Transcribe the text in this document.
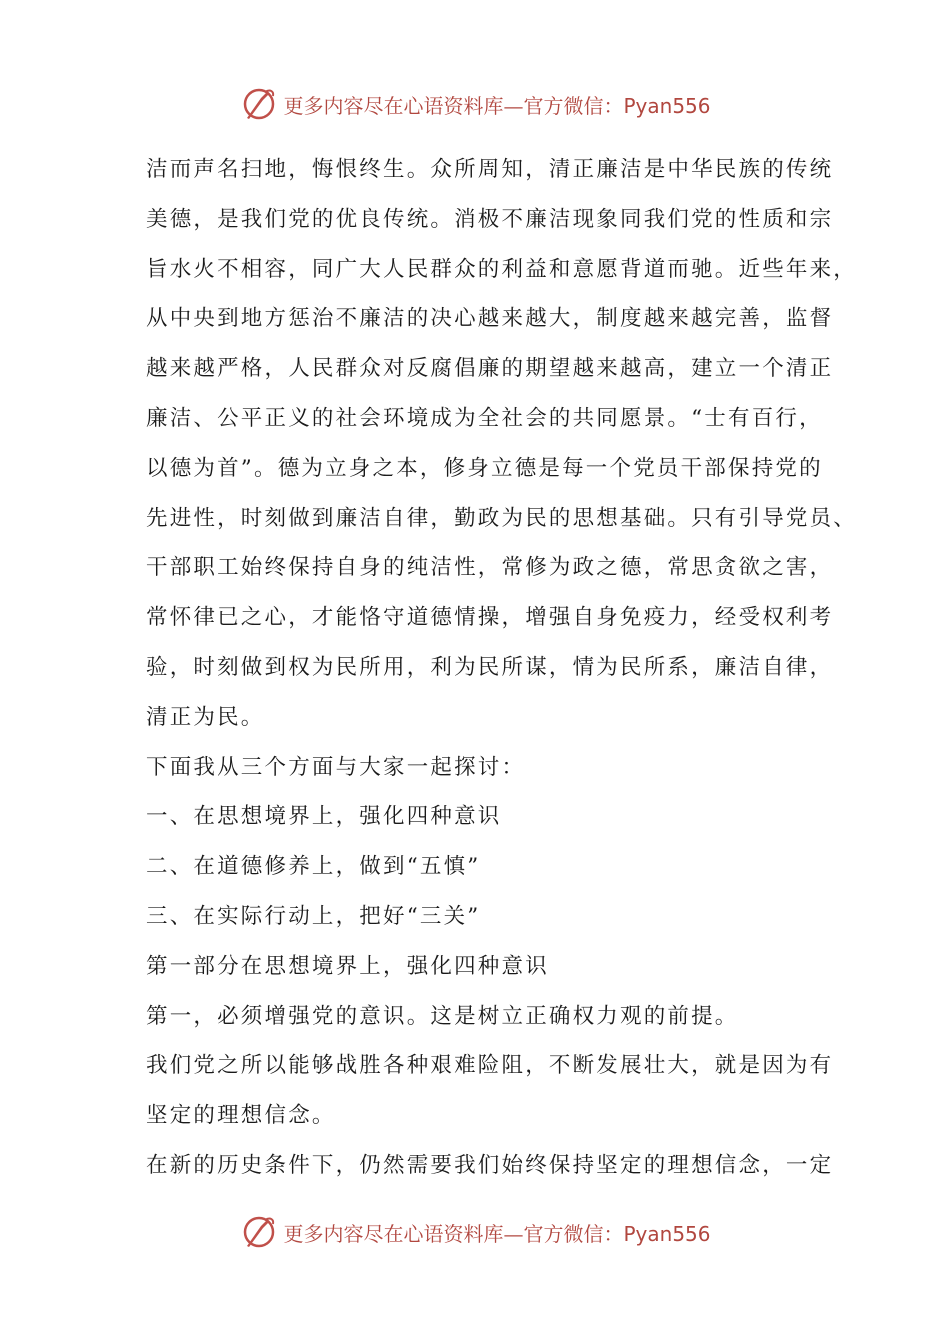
更多内容尽在心语资料库—官方微信： Pyan556
洁而声名扫地，悔恨终生。众所周知，清正廉洁是中华民族的传统
美德，是我们党的优良传统。消极不廉洁现象同我们党的性质和宗
旨水火不相容，同广大人民群众的利益和意愿背道而驰。近些年来，
从中央到地方惩治不廉洁的决心越来越大，制度越来越完善，监督
越来越严格，人民群众对反腐倡廉的期望越来越高，建立一个清正
廉洁、公平正义的社会环境成为全社会的共同愿景。“士有百行，
以德为首”。德为立身之本，修身立德是每一个党员干部保持党的
先进性，时刻做到廉洁自律，勤政为民的思想基础。只有引导党员、
干部职工始终保持自身的纯洁性，常修为政之德，常思贪欲之害，
常怀律已之心，才能恪守道德情操，增强自身免疫力，经受权利考
验，时刻做到权为民所用，利为民所谋，情为民所系，廉洁自律，
清正为民。
下面我从三个方面与大家一起探讨：
一、在思想境界上，强化四种意识
二、在道德修养上，做到“五慎”
三、在实际行动上，把好“三关”
第一部分在思想境界上，强化四种意识
第一，必须增强党的意识。这是树立正确权力观的前提。
我们党之所以能够战胜各种艰难险阻，不断发展壮大，就是因为有
坚定的理想信念。
在新的历史条件下，仍然需要我们始终保持坚定的理想信念，一定
更多内容尽在心语资料库—官方微信： Pyan556
